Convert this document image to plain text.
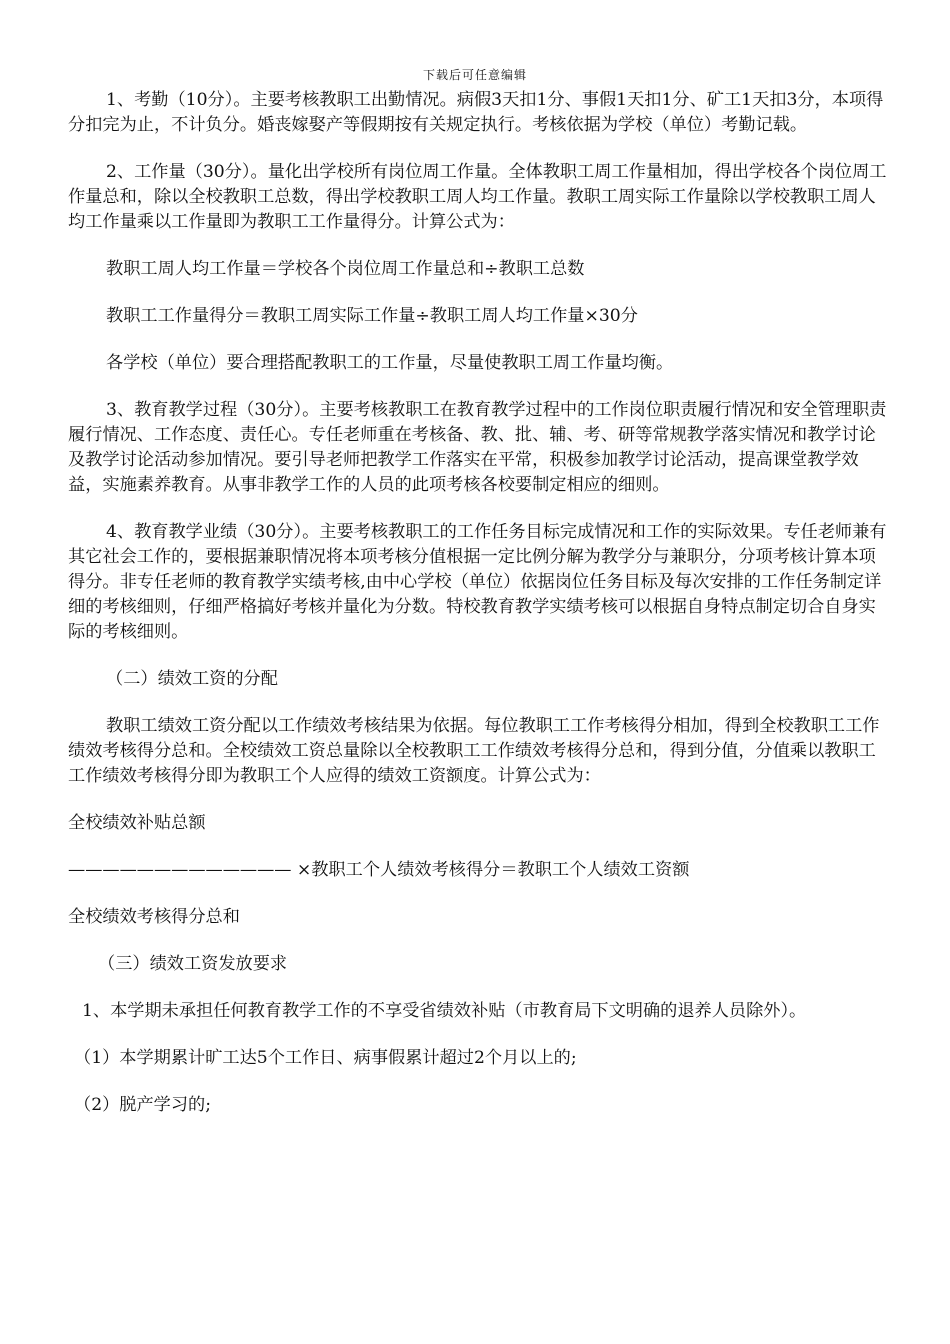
下载后可任意编辑

1、考勤（10分）。主要考核教职工出勤情况。病假3天扣1分、事假1天扣1分、矿工1天扣3分，本项得分扣完为止，不计负分。婚丧嫁娶产等假期按有关规定执行。考核依据为学校（单位）考勤记载。

2、工作量（30分）。量化出学校所有岗位周工作量。全体教职工周工作量相加，得出学校各个岗位周工作量总和，除以全校教职工总数，得出学校教职工周人均工作量。教职工周实际工作量除以学校教职工周人均工作量乘以工作量即为教职工工作量得分。计算公式为：

教职工周人均工作量＝学校各个岗位周工作量总和÷教职工总数

教职工工作量得分＝教职工周实际工作量÷教职工周人均工作量×30分

各学校（单位）要合理搭配教职工的工作量，尽量使教职工周工作量均衡。

3、教育教学过程（30分）。主要考核教职工在教育教学过程中的工作岗位职责履行情况和安全管理职责履行情况、工作态度、责任心。专任老师重在考核备、教、批、辅、考、研等常规教学落实情况和教学讨论及教学讨论活动参加情况。要引导老师把教学工作落实在平常，积极参加教学讨论活动，提高课堂教学效益，实施素养教育。从事非教学工作的人员的此项考核各校要制定相应的细则。

4、教育教学业绩（30分）。主要考核教职工的工作任务目标完成情况和工作的实际效果。专任老师兼有其它社会工作的，要根据兼职情况将本项考核分值根据一定比例分解为教学分与兼职分，分项考核计算本项得分。非专任老师的教育教学实绩考核,由中心学校（单位）依据岗位任务目标及每次安排的工作任务制定详细的考核细则，仔细严格搞好考核并量化为分数。特校教育教学实绩考核可以根据自身特点制定切合自身实际的考核细则。

（二）绩效工资的分配

教职工绩效工资分配以工作绩效考核结果为依据。每位教职工工作考核得分相加，得到全校教职工工作绩效考核得分总和。全校绩效工资总量除以全校教职工工作绩效考核得分总和，得到分值，分值乘以教职工工作绩效考核得分即为教职工个人应得的绩效工资额度。计算公式为：

全校绩效补贴总额

————————————— ×教职工个人绩效考核得分＝教职工个人绩效工资额

全校绩效考核得分总和

（三）绩效工资发放要求

1、本学期未承担任何教育教学工作的不享受省绩效补贴（市教育局下文明确的退养人员除外）。

（1）本学期累计旷工达5个工作日、病事假累计超过2个月以上的;

（2）脱产学习的;
